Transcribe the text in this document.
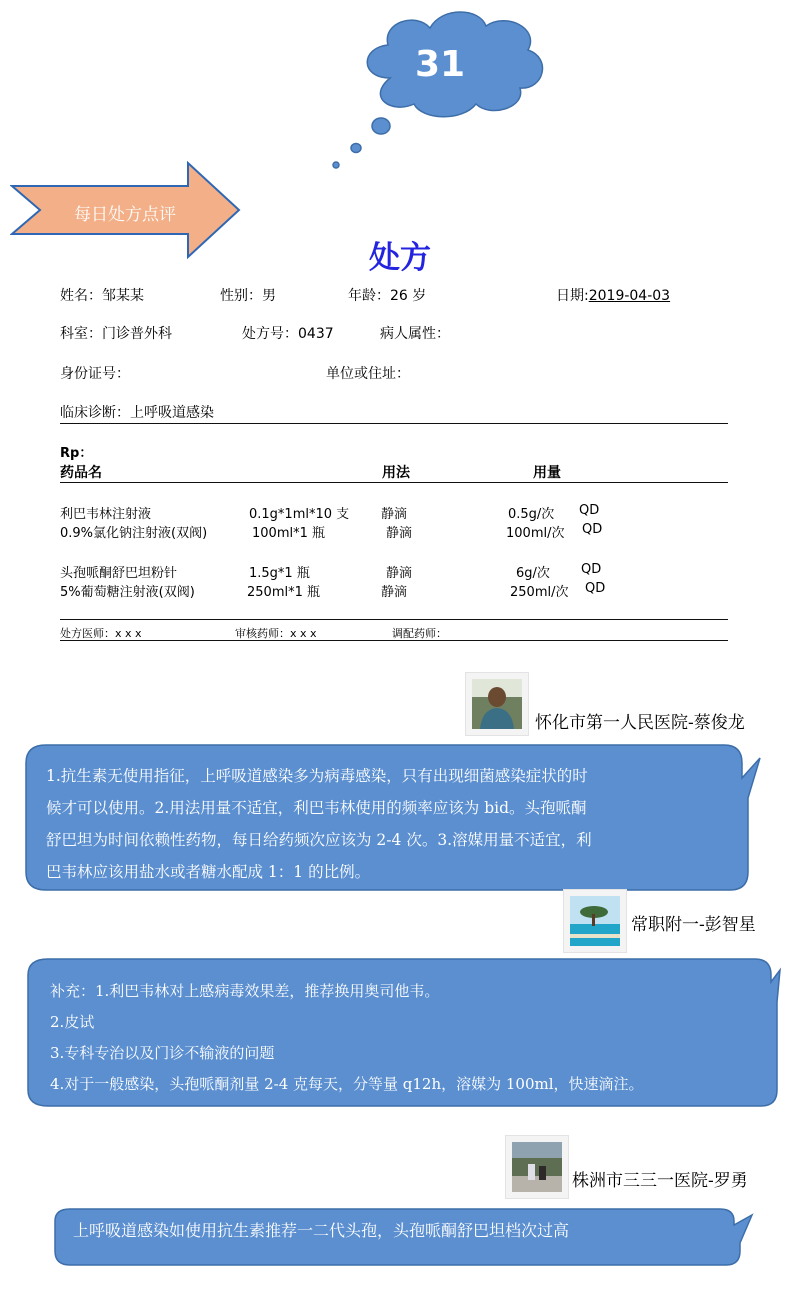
31
每日处方点评
处方
姓名：邹某某	性别：男	年龄：26 岁	日期:2019-04-03
科室：门诊普外科	处方号：0437	病人属性：
身份证号：	单位或住址：
临床诊断：上呼吸道感染
Rp：
药品名	用法	用量
利巴韦林注射液	0.1g*1ml*10 支 静滴	0.5g/次 QD
0.9%氯化钠注射液(双阀)	100ml*1 瓶	静滴	100ml/次 QD
头孢哌酮舒巴坦粉针	1.5g*1 瓶	静滴	6g/次 QD
5%葡萄糖注射液(双阀)	250ml*1 瓶	静滴	250ml/次 QD
处方医师：x x x	审核药师：x x x	调配药师：
怀化市第一人民医院-蔡俊龙
1.抗生素无使用指征，上呼吸道感染多为病毒感染，只有出现细菌感染症状的时
候才可以使用。2.用法用量不适宜，利巴韦林使用的频率应该为 bid。头孢哌酮
舒巴坦为时间依赖性药物，每日给药频次应该为 2-4 次。3.溶媒用量不适宜，利
巴韦林应该用盐水或者糖水配成 1：1 的比例。
常职附一-彭智星
补充：1.利巴韦林对上感病毒效果差，推荐换用奥司他韦。
2.皮试
3.专科专治以及门诊不输液的问题
4.对于一般感染，头孢哌酮剂量 2-4 克每天，分等量 q12h，溶媒为 100ml，快速滴注。
株洲市三三一医院-罗勇
上呼吸道感染如使用抗生素推荐一二代头孢，头孢哌酮舒巴坦档次过高
